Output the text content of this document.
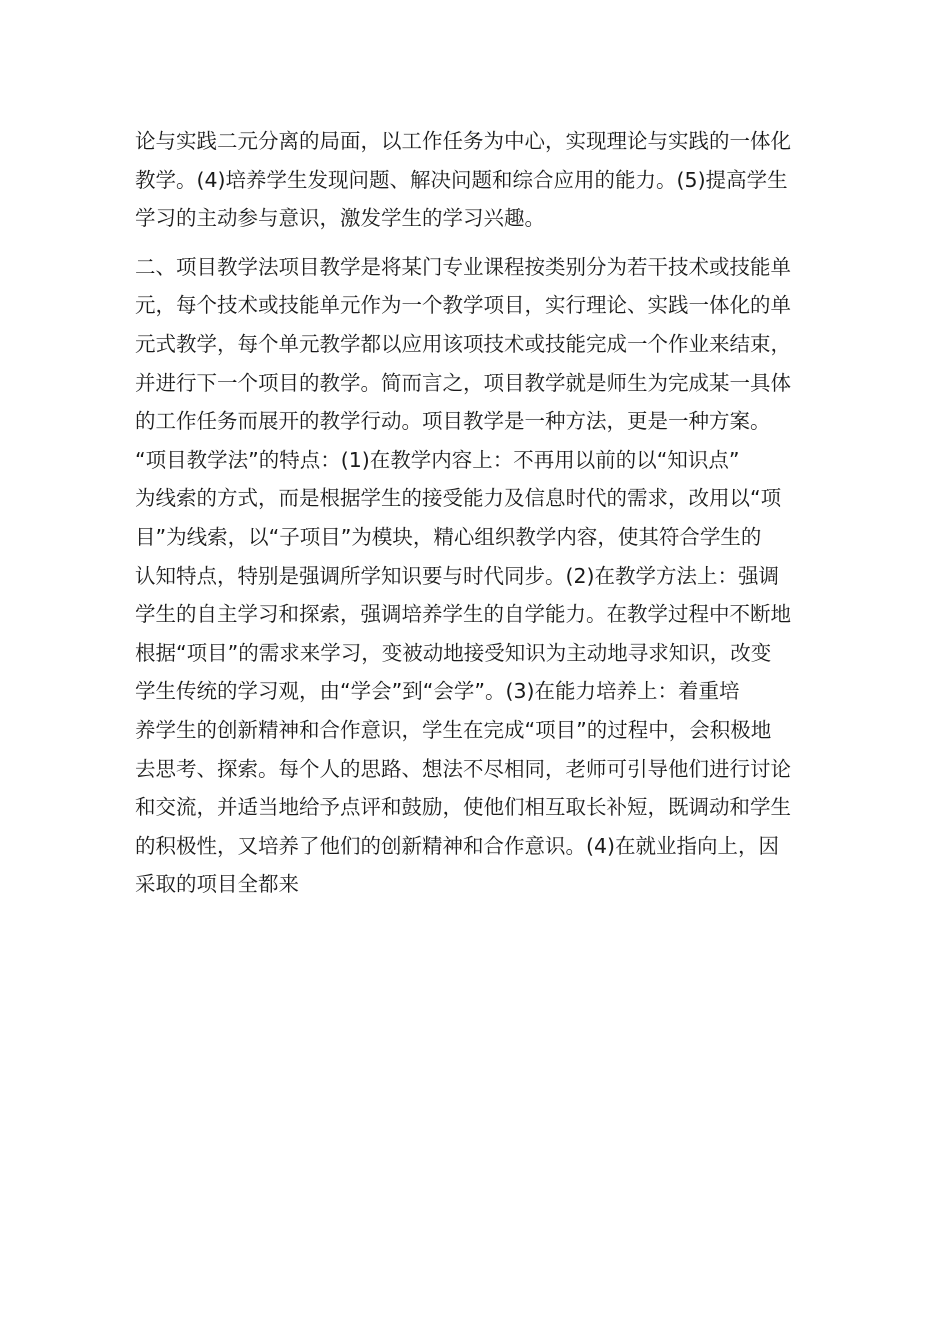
论与实践二元分离的局面，以工作任务为中心，实现理论与实践的一体化
教学。(4)培养学生发现问题、解决问题和综合应用的能力。(5)提高学生
学习的主动参与意识，激发学生的学习兴趣。
二、项目教学法项目教学是将某门专业课程按类别分为若干技术或技能单
元，每个技术或技能单元作为一个教学项目，实行理论、实践一体化的单
元式教学，每个单元教学都以应用该项技术或技能完成一个作业来结束，
并进行下一个项目的教学。简而言之，项目教学就是师生为完成某一具体
的工作任务而展开的教学行动。项目教学是一种方法，更是一种方案。
“项目教学法”的特点：(1)在教学内容上：不再用以前的以“知识点”
为线索的方式，而是根据学生的接受能力及信息时代的需求，改用以“项
目”为线索，以“子项目”为模块，精心组织教学内容，使其符合学生的
认知特点，特别是强调所学知识要与时代同步。(2)在教学方法上：强调
学生的自主学习和探索，强调培养学生的自学能力。在教学过程中不断地
根据“项目”的需求来学习，变被动地接受知识为主动地寻求知识，改变
学生传统的学习观，由“学会”到“会学”。(3)在能力培养上：着重培
养学生的创新精神和合作意识，学生在完成“项目”的过程中，会积极地
去思考、探索。每个人的思路、想法不尽相同，老师可引导他们进行讨论
和交流，并适当地给予点评和鼓励，使他们相互取长补短，既调动和学生
的积极性，又培养了他们的创新精神和合作意识。(4)在就业指向上，因
采取的项目全都来
